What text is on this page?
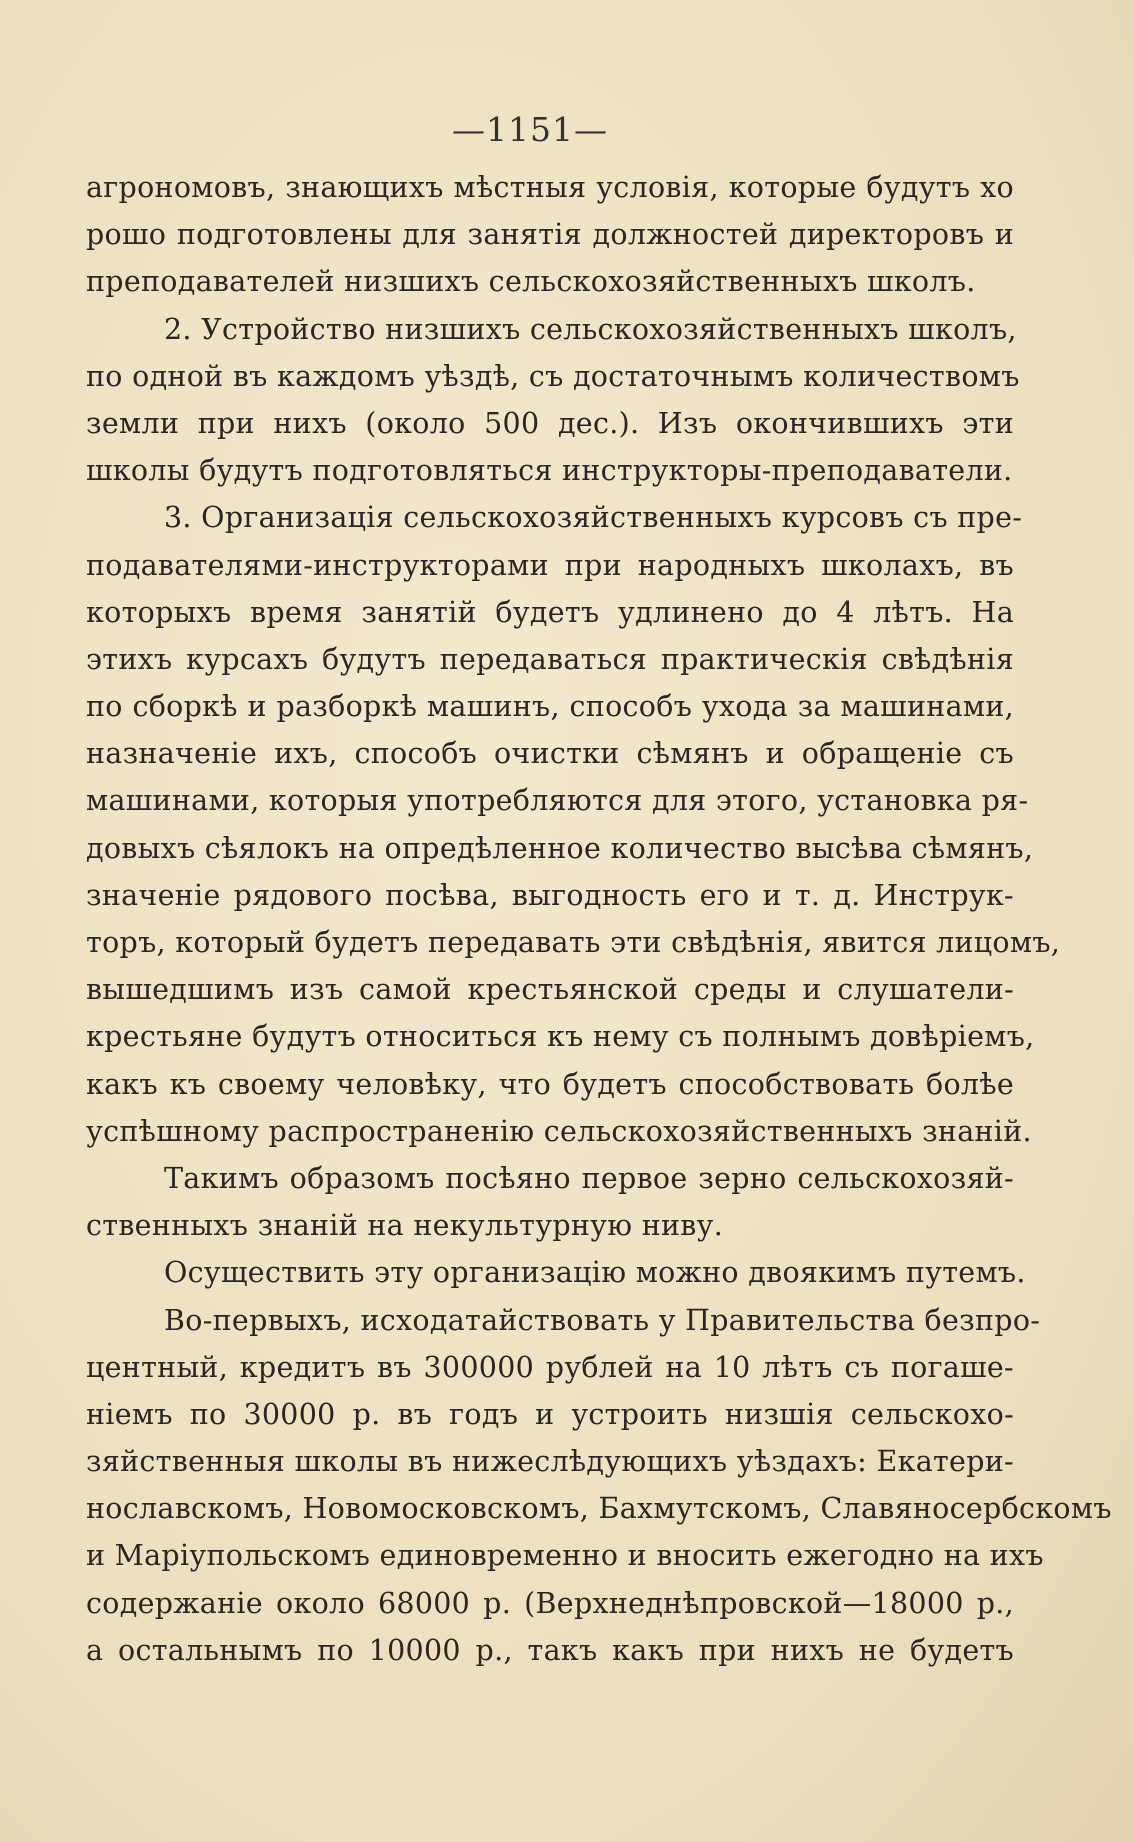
—1151—
агрономовъ, знающихъ мѣстныя условія, которые будутъ хо
рошо подготовлены для занятія должностей директоровъ и
преподавателей низшихъ сельскохозяйственныхъ школъ.
2. Устройство низшихъ сельскохозяйственныхъ школъ,
по одной въ каждомъ уѣздѣ, съ достаточнымъ количествомъ
земли при нихъ (около 500 дес.). Изъ окончившихъ эти
школы будутъ подготовляться инструкторы-преподаватели.
3. Организація сельскохозяйственныхъ курсовъ съ пре-
подавателями-инструкторами при народныхъ школахъ, въ
которыхъ время занятій будетъ удлинено до 4 лѣтъ. На
этихъ курсахъ будутъ передаваться практическія свѣдѣнія
по сборкѣ и разборкѣ машинъ, способъ ухода за машинами,
назначеніе ихъ, способъ очистки сѣмянъ и обращеніе съ
машинами, которыя употребляются для этого, установка ря-
довыхъ сѣялокъ на опредѣленное количество высѣва сѣмянъ,
значеніе рядового посѣва, выгодность его и т. д. Инструк-
торъ, который будетъ передавать эти свѣдѣнія, явится лицомъ,
вышедшимъ изъ самой крестьянской среды и слушатели-
крестьяне будутъ относиться къ нему съ полнымъ довѣріемъ,
какъ къ своему человѣку, что будетъ способствовать болѣе
успѣшному распространенію сельскохозяйственныхъ знаній.
Такимъ образомъ посѣяно первое зерно сельскохозяй-
ственныхъ знаній на некультурную ниву.
Осуществить эту организацію можно двоякимъ путемъ.
Во-первыхъ, исходатайствовать у Правительства безпро-
центный, кредитъ въ 300000 рублей на 10 лѣтъ съ погаше-
ніемъ по 30000 р. въ годъ и устроить низшія сельскохо-
зяйственныя школы въ нижеслѣдующихъ уѣздахъ: Екатери-
нославскомъ, Новомосковскомъ, Бахмутскомъ, Славяносербскомъ
и Маріупольскомъ единовременно и вносить ежегодно на ихъ
содержаніе около 68000 р. (Верхнеднѣпровской—18000 р.,
а остальнымъ по 10000 р., такъ какъ при нихъ не будетъ
